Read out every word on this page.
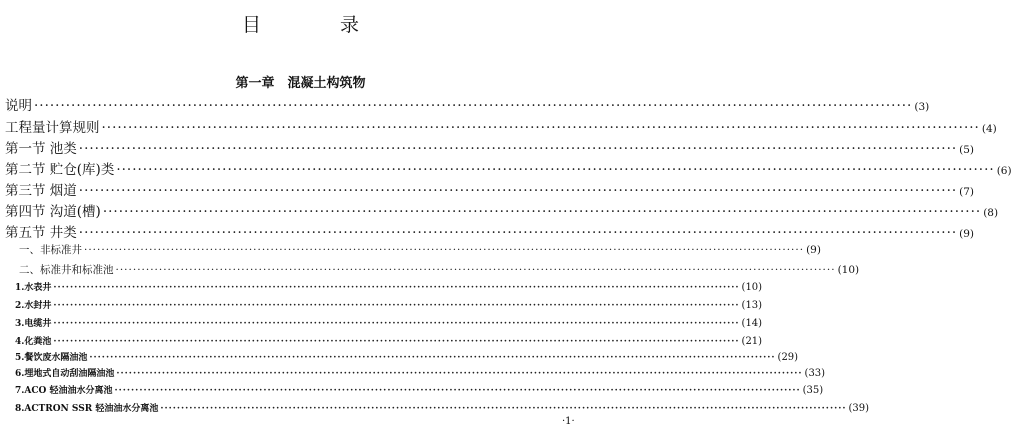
目　录
第一章　混凝土构筑物
说明 ·····	(3)
工程量计算规则 ·····	(4)
第一节 池类 ·····	(5)
第二节 贮仓(库)类 ·····	(6)
第三节 烟道 ·····	(7)
第四节 沟道(槽) ·····	(8)
第五节 井类 ·····	(9)
一、非标准井 ·····	(9)
二、标准井和标准池 ·····	(10)
1.水表井 ·····	(10)
2.水封井 ·····	(13)
3.电缆井 ·····	(14)
4.化粪池 ·····	(21)
5.餐饮废水隔油池 ·····	(29)
6.埋地式自动刮油隔油池 ·····	(33)
7.ACO 轻油油水分离池 ·····	(35)
8.ACTRON SSR 轻油油水分离池 ·····	(39)
·1·
